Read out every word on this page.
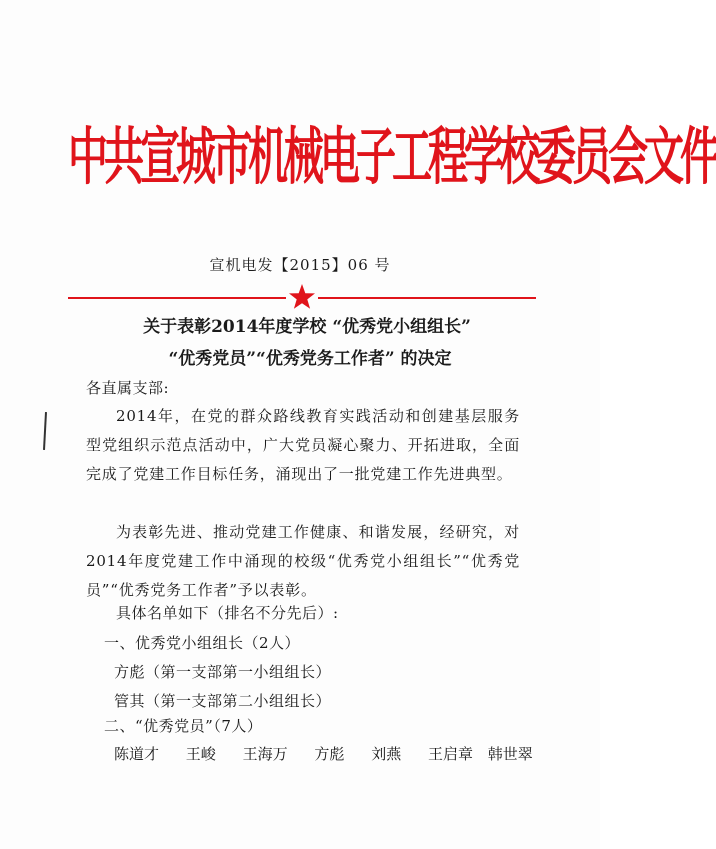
中共宣城市机械电子工程学校委员会文件
宣机电发【2015】06 号
关于表彰2014年度学校 “优秀党小组组长”
“优秀党员”“优秀党务工作者” 的决定
各直属支部:
2014年，在党的群众路线教育实践活动和创建基层服务型党组织示范点活动中，广大党员凝心聚力、开拓进取，全面完成了党建工作目标任务，涌现出了一批党建工作先进典型。
为表彰先进、推动党建工作健康、和谐发展，经研究，对2014年度党建工作中涌现的校级“优秀党小组组长”“优秀党员”“优秀党务工作者”予以表彰。
具体名单如下（排名不分先后）:
一、优秀党小组组长（2人）
方彪（第一支部第一小组组长）
管其（第一支部第二小组组长）
二、“优秀党员”（7人）
陈道才 王峻 王海万 方彪 刘燕 王启章 韩世翠
